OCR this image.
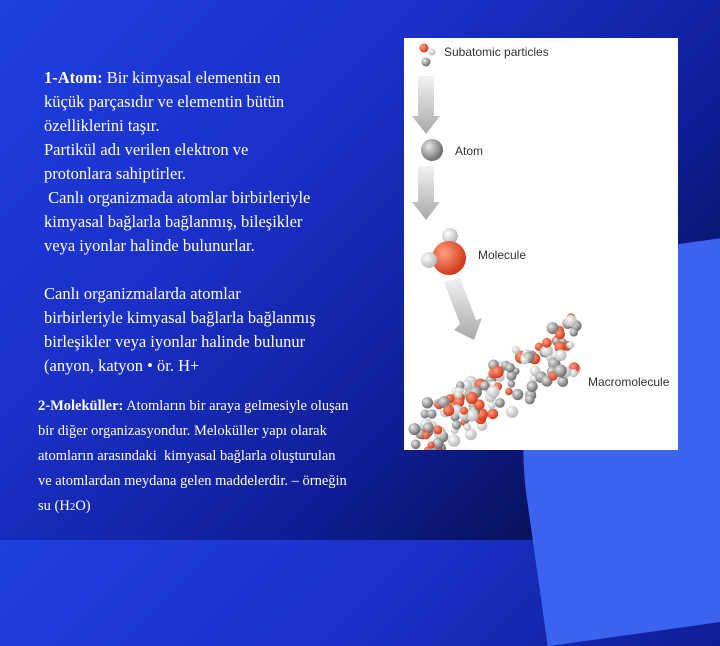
1-Atom: Bir kimyasal elementin en

küçük parçasıdır ve elementin bütün

özelliklerini taşır.

Partikül adı verilen elektron ve

protonlara sahiptirler.

Canlı organizmada atomlar birbirleriyle

kimyasal bağlarla bağlanmış, bileşikler

veya iyonlar halinde bulunurlar.

Canlı organizmalarda atomlar

birbirleriyle kimyasal bağlarla bağlanmış

birleşikler veya iyonlar halinde bulunur

(anyon, katyon • ör. H+

Subatomic particles
Atom
Molecule
Macromolecule

2-Moleküller: Atomların bir araya gelmesiyle oluşan

bir diğer organizasyondur. Meloküller yapı olarak

atomların arasındaki  kimyasal bağlarla oluşturulan

ve atomlardan meydana gelen maddelerdir. – örneğin

su (H2O)
